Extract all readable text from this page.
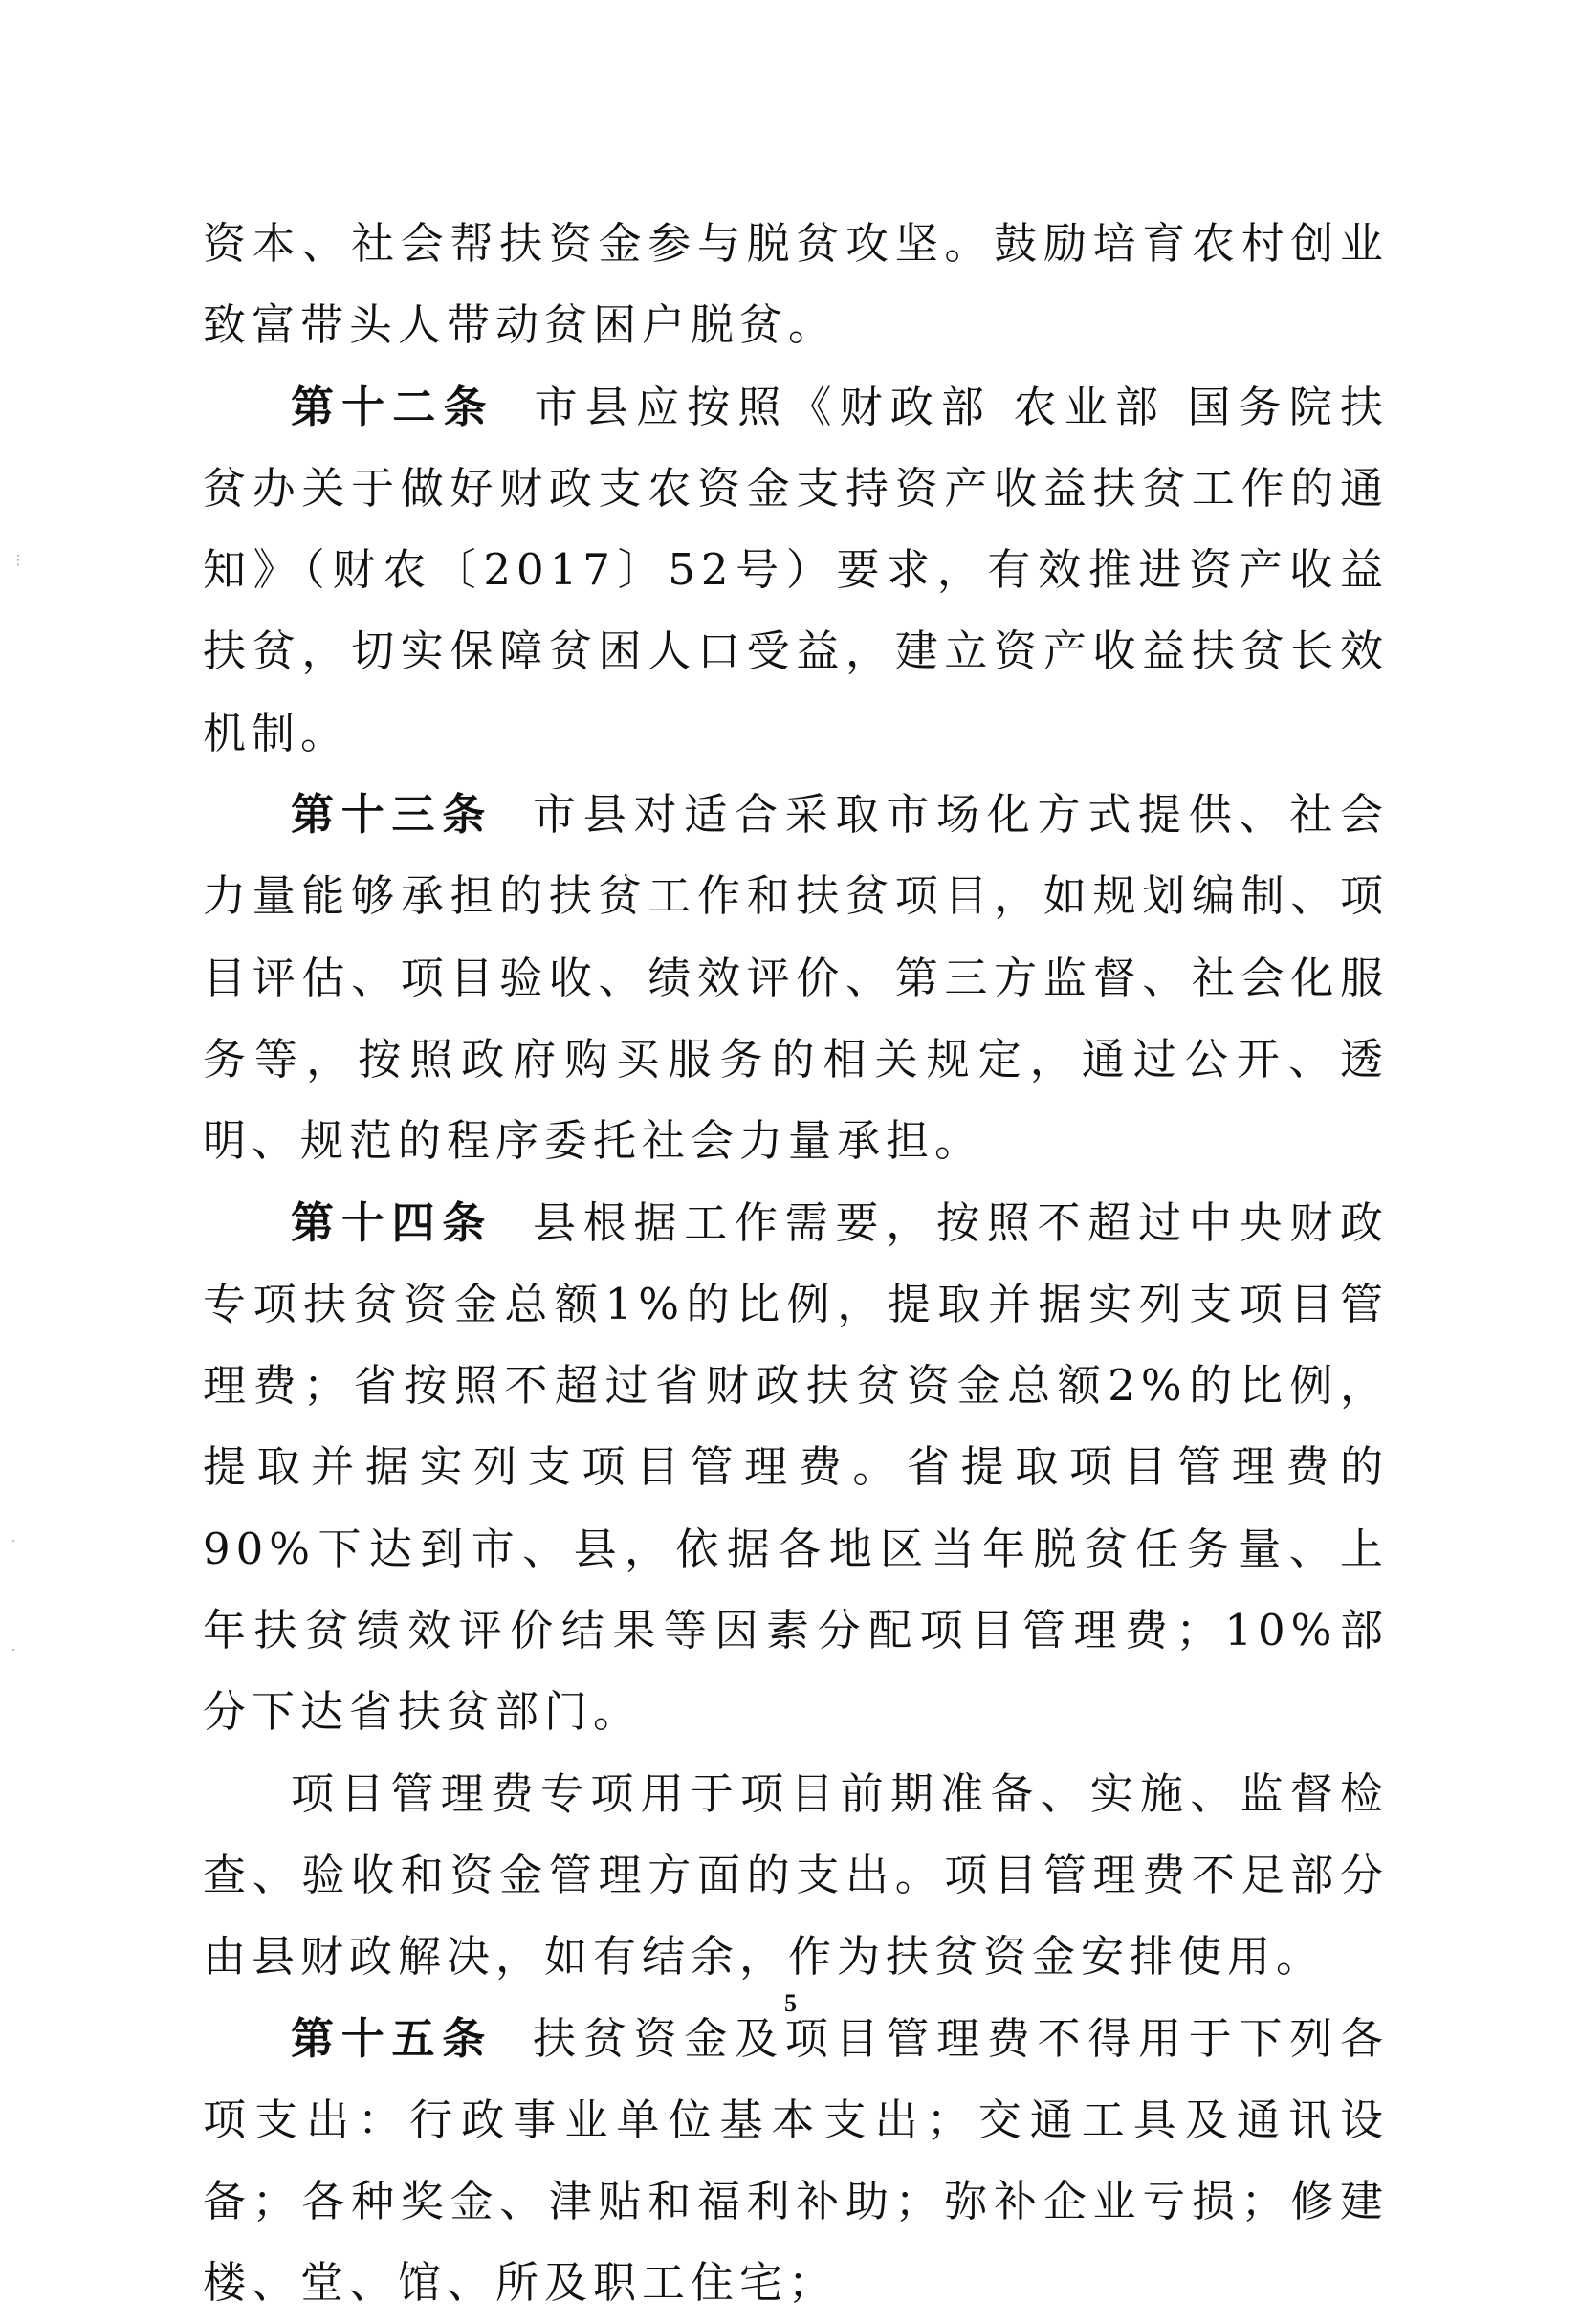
⋮
·
·

资本、社会帮扶资金参与脱贫攻坚。鼓励培育农村创业致富带头人带动贫困户脱贫。

第十二条 市县应按照《财政部 农业部 国务院扶贫办关于做好财政支农资金支持资产收益扶贫工作的通知》（财农〔2017〕52号）要求，有效推进资产收益扶贫，切实保障贫困人口受益，建立资产收益扶贫长效机制。

第十三条 市县对适合采取市场化方式提供、社会力量能够承担的扶贫工作和扶贫项目，如规划编制、项目评估、项目验收、绩效评价、第三方监督、社会化服务等，按照政府购买服务的相关规定，通过公开、透明、规范的程序委托社会力量承担。

第十四条 县根据工作需要，按照不超过中央财政专项扶贫资金总额1%的比例，提取并据实列支项目管理费；省按照不超过省财政扶贫资金总额2%的比例，提取并据实列支项目管理费。省提取项目管理费的90%下达到市、县，依据各地区当年脱贫任务量、上年扶贫绩效评价结果等因素分配项目管理费；10%部分下达省扶贫部门。

项目管理费专项用于项目前期准备、实施、监督检查、验收和资金管理方面的支出。项目管理费不足部分由县财政解决，如有结余，作为扶贫资金安排使用。

第十五条 扶贫资金及项目管理费不得用于下列各项支出：行政事业单位基本支出；交通工具及通讯设备；各种奖金、津贴和福利补助；弥补企业亏损；修建楼、堂、馆、所及职工住宅；

5
